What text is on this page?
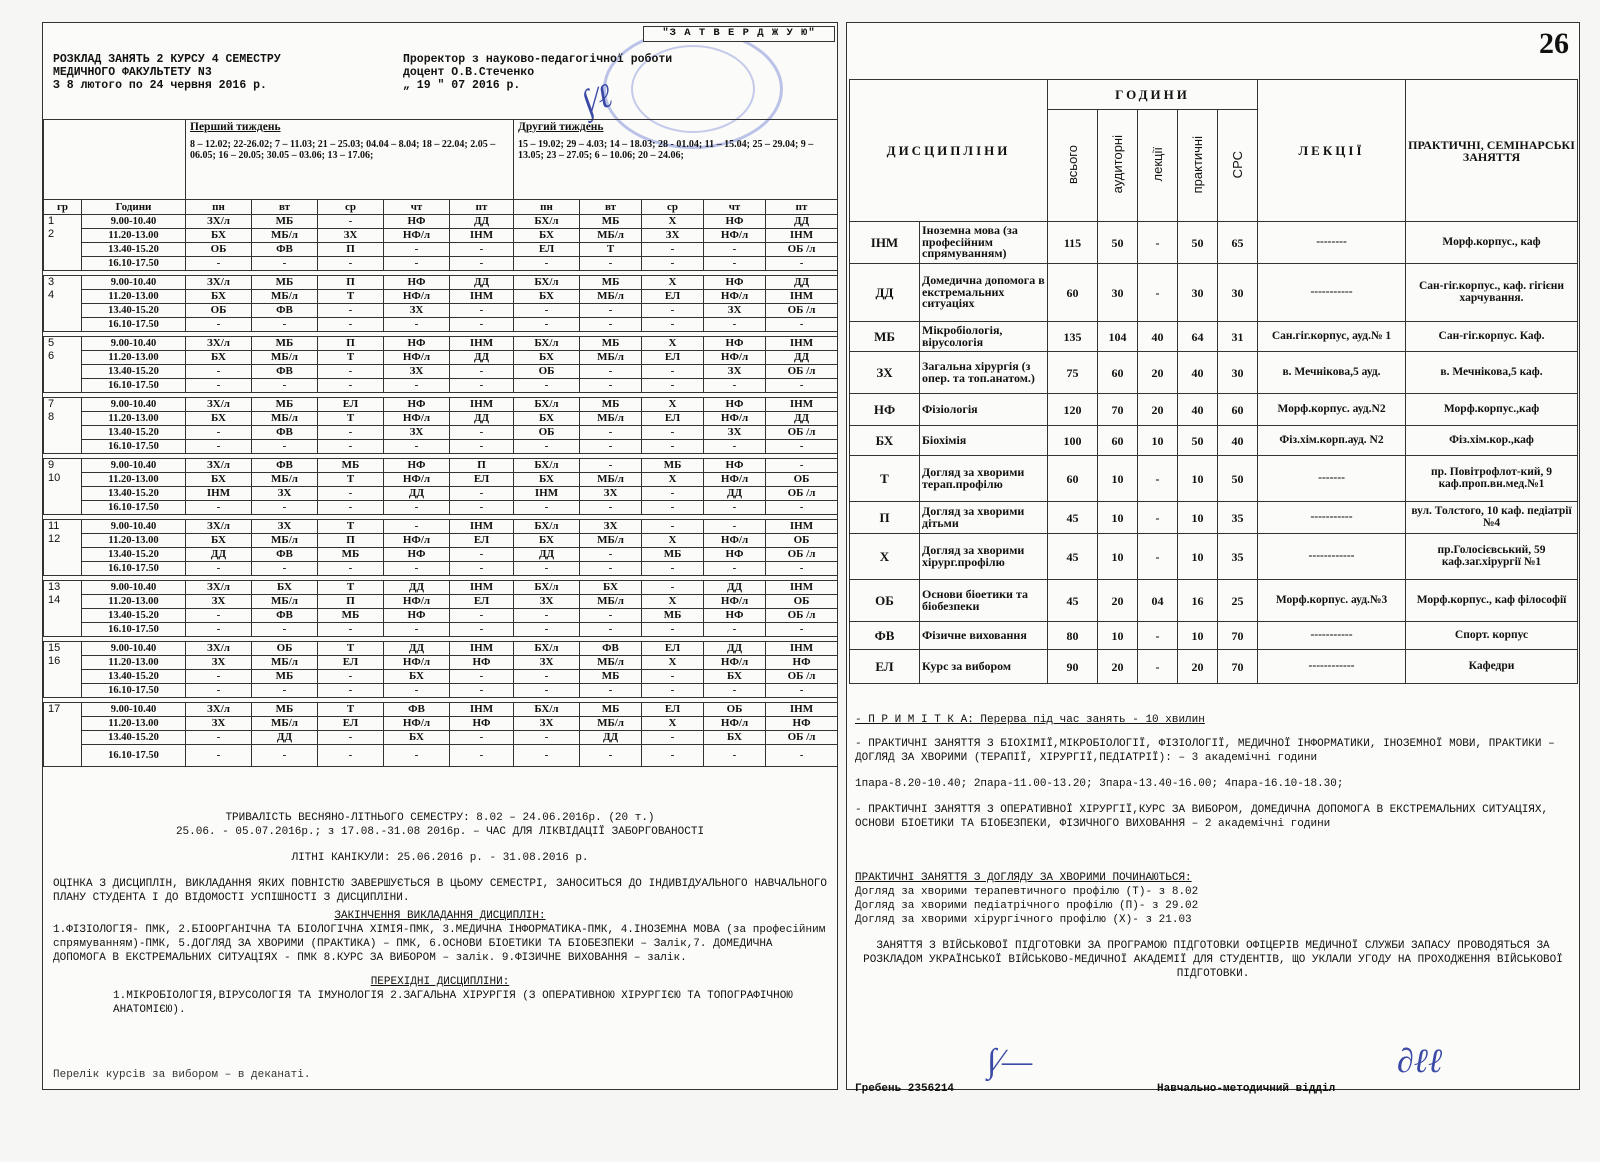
"З А Т В Е Р Д Ж У Ю"
РОЗКЛАД ЗАНЯТЬ 2 КУРСУ 4 СЕМЕСТРУ
МЕДИЧНОГО ФАКУЛЬТЕТУ N3
З 8 лютого по 24 червня 2016 р.
Проректор з науково-педагогічної роботи
доцент О.В.Стеченко
„ 19 " 07 2016 р.	∫∕ℓ

		Перший тиждень
8 – 12.02; 22-26.02; 7 – 11.03; 21 – 25.03; 04.04 – 8.04; 18 – 22.04; 2.05 –06.05; 16 – 20.05; 30.05 – 03.06; 13 – 17.06;					Другий тиждень
15 – 19.02; 29 – 4.03; 14 – 18.03; 28 - 01.04; 11 – 15.04; 25 – 29.04; 9 – 13.05; 23 – 27.05; 6 – 10.06; 20 – 24.06;				
гр	Години	пн	вт	ср	чт	пт	пн	вт	ср	чт	пт

1
2	9.00-10.40	ЗХ/л	МБ	-	НФ	ДД	БХ/л	МБ	Х	НФ	ДД
	11.20-13.00	БХ	МБ/л	ЗХ	НФ/л	ІНМ	БХ	МБ/л	ЗХ	НФ/л	ІНМ
	13.40-15.20	ОБ	ФВ	П	-	-	ЕЛ	Т	-	-	ОБ /л
	16.10-17.50	-	-	-	-	-	-	-	-	-	-

3
4	9.00-10.40	ЗХ/л	МБ	П	НФ	ДД	БХ/л	МБ	Х	НФ	ДД
	11.20-13.00	БХ	МБ/л	Т	НФ/л	ІНМ	БХ	МБ/л	ЕЛ	НФ/л	ІНМ
	13.40-15.20	ОБ	ФВ	-	ЗХ	-	-	-	-	ЗХ	ОБ /л
	16.10-17.50	-	-	-	-	-	-	-	-	-	-

5
6	9.00-10.40	ЗХ/л	МБ	П	НФ	ІНМ	БХ/л	МБ	Х	НФ	ІНМ
	11.20-13.00	БХ	МБ/л	Т	НФ/л	ДД	БХ	МБ/л	ЕЛ	НФ/л	ДД
	13.40-15.20	-	ФВ	-	ЗХ	-	ОБ	-	-	ЗХ	ОБ /л
	16.10-17.50	-	-	-	-	-	-	-	-	-	-

7
8	9.00-10.40	ЗХ/л	МБ	ЕЛ	НФ	ІНМ	БХ/л	МБ	Х	НФ	ІНМ
	11.20-13.00	БХ	МБ/л	Т	НФ/л	ДД	БХ	МБ/л	ЕЛ	НФ/л	ДД
	13.40-15.20	-	ФВ	-	ЗХ	-	ОБ	-	-	ЗХ	ОБ /л
	16.10-17.50	-	-	-	-	-	-	-	-	-	-

9
10	9.00-10.40	ЗХ/л	ФВ	МБ	НФ	П	БХ/л	-	МБ	НФ	-
	11.20-13.00	БХ	МБ/л	Т	НФ/л	ЕЛ	БХ	МБ/л	Х	НФ/л	ОБ
	13.40-15.20	ІНМ	ЗХ	-	ДД	-	ІНМ	ЗХ	-	ДД	ОБ /л
	16.10-17.50	-	-	-	-	-	-	-	-	-	-

11
12	9.00-10.40	ЗХ/л	ЗХ	Т	-	ІНМ	БХ/л	ЗХ	-	-	ІНМ
	11.20-13.00	БХ	МБ/л	П	НФ/л	ЕЛ	БХ	МБ/л	Х	НФ/л	ОБ
	13.40-15.20	ДД	ФВ	МБ	НФ	-	ДД	-	МБ	НФ	ОБ /л
	16.10-17.50	-	-	-	-	-	-	-	-	-	-

13
14	9.00-10.40	ЗХ/л	БХ	Т	ДД	ІНМ	БХ/л	БХ	-	ДД	ІНМ
	11.20-13.00	ЗХ	МБ/л	П	НФ/л	ЕЛ	ЗХ	МБ/л	Х	НФ/л	ОБ
	13.40-15.20	-	ФВ	МБ	НФ	-	-	-	МБ	НФ	ОБ /л
	16.10-17.50	-	-	-	-	-	-	-	-	-	-

15
16	9.00-10.40	ЗХ/л	ОБ	Т	ДД	ІНМ	БХ/л	ФВ	ЕЛ	ДД	ІНМ
	11.20-13.00	ЗХ	МБ/л	ЕЛ	НФ/л	НФ	ЗХ	МБ/л	Х	НФ/л	НФ
	13.40-15.20	-	МБ	-	БХ	-	-	МБ	-	БХ	ОБ /л
	16.10-17.50	-	-	-	-	-	-	-	-	-	-

17	9.00-10.40	ЗХ/л	МБ	Т	ФВ	ІНМ	БХ/л	МБ	ЕЛ	ОБ	ІНМ
	11.20-13.00	ЗХ	МБ/л	ЕЛ	НФ/л	НФ	ЗХ	МБ/л	Х	НФ/л	НФ
	13.40-15.20	-	ДД	-	БХ	-	-	ДД	-	БХ	ОБ /л
	16.10-17.50	-	-	-	-	-	-	-	-	-	-
ТРИВАЛІСТЬ ВЕСНЯНО-ЛІТНЬОГО СЕМЕСТРУ: 8.02 – 24.06.2016р. (20 т.)
25.06. - 05.07.2016р.; з 17.08.-31.08 2016р. – ЧАС ДЛЯ ЛІКВІДАЦІЇ ЗАБОРГОВАНОСТІ
ЛІТНІ КАНІКУЛИ: 25.06.2016 р. - 31.08.2016 р.
ОЦІНКА З ДИСЦИПЛІН, ВИКЛАДАННЯ ЯКИХ ПОВНІСТЮ ЗАВЕРШУЄТЬСЯ В ЦЬОМУ СЕМЕСТРІ, ЗАНОСИТЬСЯ ДО ІНДИВІДУАЛЬНОГО НАВЧАЛЬНОГО ПЛАНУ СТУДЕНТА І ДО ВІДОМОСТІ УСПІШНОСТІ З ДИСЦИПЛІНИ.
ЗАКІНЧЕННЯ ВИКЛАДАННЯ ДИСЦИПЛІН:
1.ФІЗІОЛОГІЯ- ПМК, 2.БІООРГАНІЧНА ТА БІОЛОГІЧНА ХІМІЯ-ПМК, 3.МЕДИЧНА ІНФОРМАТИКА-ПМК, 4.ІНОЗЕМНА МОВА (за професійним спрямуванням)-ПМК, 5.ДОГЛЯД ЗА ХВОРИМИ (ПРАКТИКА) – ПМК, 6.ОСНОВИ БІОЕТИКИ ТА БІОБЕЗПЕКИ – Залік,7. ДОМЕДИЧНА ДОПОМОГА В ЕКСТРЕМАЛЬНИХ СИТУАЦІЯХ - ПМК 8.КУРС ЗА ВИБОРОМ – залік. 9.ФІЗИЧНЕ ВИХОВАННЯ – залік.
ПЕРЕХІДНІ ДИСЦИПЛІНИ:
1.МІКРОБІОЛОГІЯ,ВІРУСОЛОГІЯ ТА ІМУНОЛОГІЯ 2.ЗАГАЛЬНА ХІРУРГІЯ (З ОПЕРАТИВНОЮ ХІРУРГІЄЮ ТА ТОПОГРАФІЧНОЮ АНАТОМІЄЮ).
Перелік курсів за вибором – в деканаті.
26
ДИСЦИПЛІНИ		ГОДИНИ					ЛЕКЦІЇ	ПРАКТИЧНІ, СЕМІНАРСЬКІ ЗАНЯТТЯ
		всього	аудиторні	лекції	практичні	СРС		
ІНМ	Іноземна мова (за професійним спрямуванням)	115	50	-	50	65	--------	Морф.корпус., каф
ДД	Домедична допомога в екстремальних ситуаціях	60	30	-	30	30	-----------	Сан-гіг.корпус., каф. гігієни харчування.
МБ	Мікробіологія, вірусологія	135	104	40	64	31	Сан.гіг.корпус, ауд.№ 1	Сан-гіг.корпус. Каф.
ЗХ	Загальна хірургія (з опер. та топ.анатом.)	75	60	20	40	30	в. Мечнікова,5 ауд.	в. Мечнікова,5 каф.
НФ	Фізіологія	120	70	20	40	60	Морф.корпус. ауд.N2	Морф.корпус.,каф
БХ	Біохімія	100	60	10	50	40	Фіз.хім.корп.ауд. N2	Фіз.хім.кор.,каф
Т	Догляд за хворими терап.профілю	60	10	-	10	50	-------	пр. Повітрофлот-кий, 9 каф.проп.вн.мед.№1
П	Догляд за хворими дітьми	45	10	-	10	35	-----------	вул. Толстого, 10 каф. педіатрії №4
Х	Догляд за хворими хірург.профілю	45	10	-	10	35	------------	пр.Голосієвський, 59 каф.заг.хірургії №1
ОБ	Основи біоетики та біобезпеки	45	20	04	16	25	Морф.корпус. ауд.№3	Морф.корпус., каф філософії
ФВ	Фізичне виховання	80	10	-	10	70	-----------	Спорт. корпус
ЕЛ	Курс за вибором	90	20	-	20	70	------------	Кафедри
- П Р И М І Т К А: Перерва під час занять - 10 хвилин
- ПРАКТИЧНІ ЗАНЯТТЯ З БІОХІМІЇ,МІКРОБІОЛОГІЇ, ФІЗІОЛОГІЇ, МЕДИЧНОЇ ІНФОРМАТИКИ, ІНОЗЕМНОЇ МОВИ, ПРАКТИКИ – ДОГЛЯД ЗА ХВОРИМИ (ТЕРАПІЇ, ХІРУРГІЇ,ПЕДІАТРІЇ): – 3 академічні години
1пара-8.20-10.40; 2пара-11.00-13.20; 3пара-13.40-16.00; 4пара-16.10-18.30;
- ПРАКТИЧНІ ЗАНЯТТЯ З ОПЕРАТИВНОЇ ХІРУРГІЇ,КУРС ЗА ВИБОРОМ, ДОМЕДИЧНА ДОПОМОГА В ЕКСТРЕМАЛЬНИХ СИТУАЦІЯХ, ОСНОВИ БІОЕТИКИ ТА БІОБЕЗПЕКИ, ФІЗИЧНОГО ВИХОВАННЯ – 2 академічні години
ПРАКТИЧНІ ЗАНЯТТЯ З ДОГЛЯДУ ЗА ХВОРИМИ ПОЧИНАЮТЬСЯ:
Догляд за хворими терапевтичного профілю (Т)- з 8.02
Догляд за хворими педіатрічного профілю (П)- з 29.02
Догляд за хворими хірургічного профілю (Х)- з 21.03
ЗАНЯТТЯ З ВІЙСЬКОВОЇ ПІДГОТОВКИ ЗА ПРОГРАМОЮ ПІДГОТОВКИ ОФІЦЕРІВ МЕДИЧНОЇ СЛУЖБИ ЗАПАСУ ПРОВОДЯТЬСЯ ЗА РОЗКЛАДОМ УКРАЇНСЬКОЇ ВІЙСЬКОВО-МЕДИЧНОЇ АКАДЕМІЇ ДЛЯ СТУДЕНТІВ, ЩО УКЛАЛИ УГОДУ НА ПРОХОДЖЕННЯ ВІЙСЬКОВОЇ ПІДГОТОВКИ.
Гребень 2356214
∫∕—
Навчально-методичний відділ
∂ℓℓ
